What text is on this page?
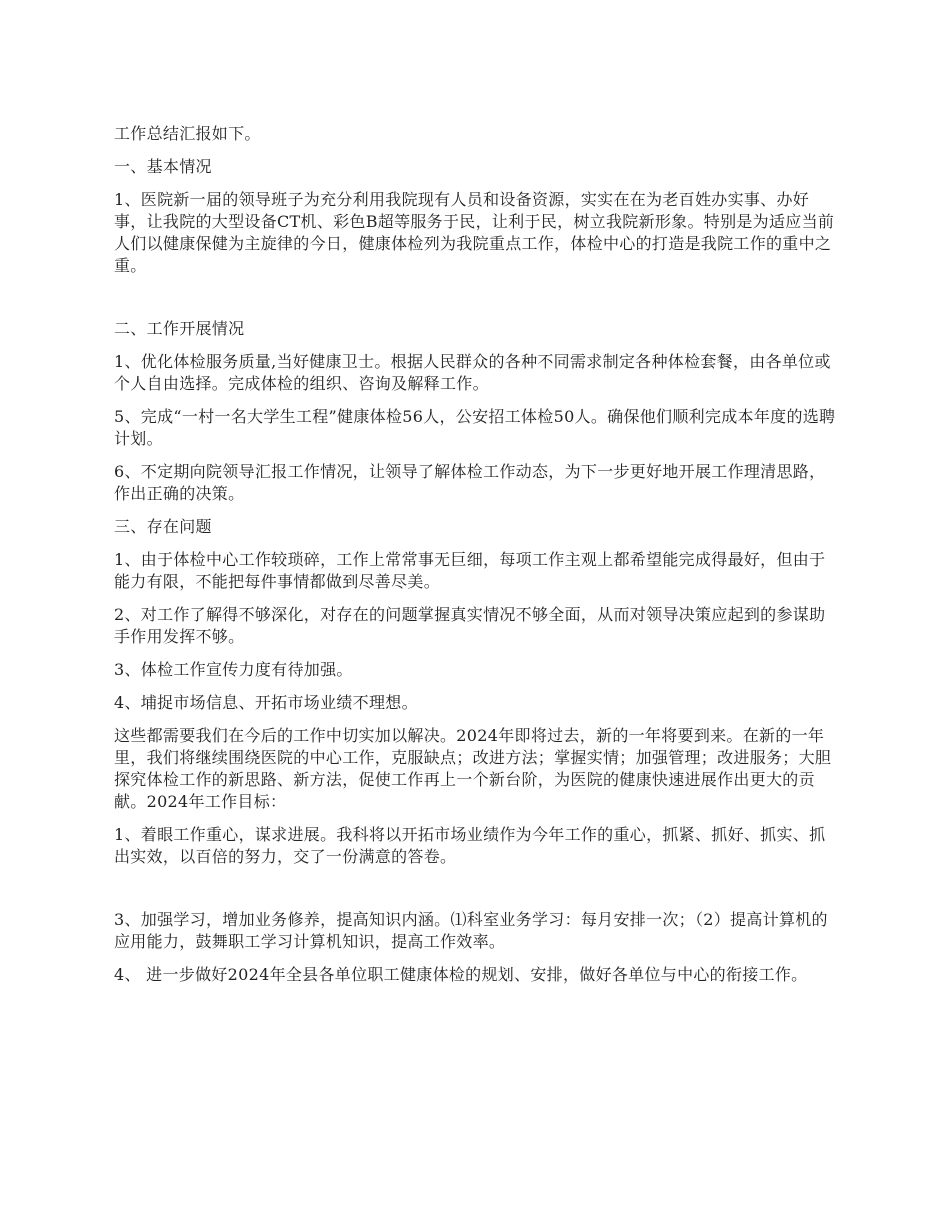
工作总结汇报如下。

一、基本情况

1、医院新一届的领导班子为充分利用我院现有人员和设备资源，实实在在为老百姓办实事、办好事，让我院的大型设备CT机、彩色B超等服务于民，让利于民，树立我院新形象。特别是为适应当前人们以健康保健为主旋律的今日，健康体检列为我院重点工作，体检中心的打造是我院工作的重中之重。

二、工作开展情况

1、优化体检服务质量,当好健康卫士。根据人民群众的各种不同需求制定各种体检套餐，由各单位或个人自由选择。完成体检的组织、咨询及解释工作。

5、完成“一村一名大学生工程”健康体检56人，公安招工体检50人。确保他们顺利完成本年度的选聘计划。

6、不定期向院领导汇报工作情况，让领导了解体检工作动态，为下一步更好地开展工作理清思路，作出正确的决策。

三、存在问题

1、由于体检中心工作较琐碎，工作上常常事无巨细，每项工作主观上都希望能完成得最好，但由于能力有限，不能把每件事情都做到尽善尽美。

2、对工作了解得不够深化，对存在的问题掌握真实情况不够全面，从而对领导决策应起到的参谋助手作用发挥不够。

3、体检工作宣传力度有待加强。

4、埔捉市场信息、开拓市场业绩不理想。

这些都需要我们在今后的工作中切实加以解决。2024年即将过去，新的一年将要到来。在新的一年里，我们将继续围绕医院的中心工作，克服缺点；改进方法；掌握实情；加强管理；改进服务；大胆探究体检工作的新思路、新方法，促使工作再上一个新台阶，为医院的健康快速进展作出更大的贡献。2024年工作目标：

1、着眼工作重心，谋求进展。我科将以开拓市场业绩作为今年工作的重心，抓紧、抓好、抓实、抓出实效，以百倍的努力，交了一份满意的答卷。

3、加强学习，增加业务修养，提高知识内涵。⑴科室业务学习：每月安排一次；（2）提高计算机的应用能力，鼓舞职工学习计算机知识，提高工作效率。

4、 进一步做好2024年全县各单位职工健康体检的规划、安排，做好各单位与中心的衔接工作。
